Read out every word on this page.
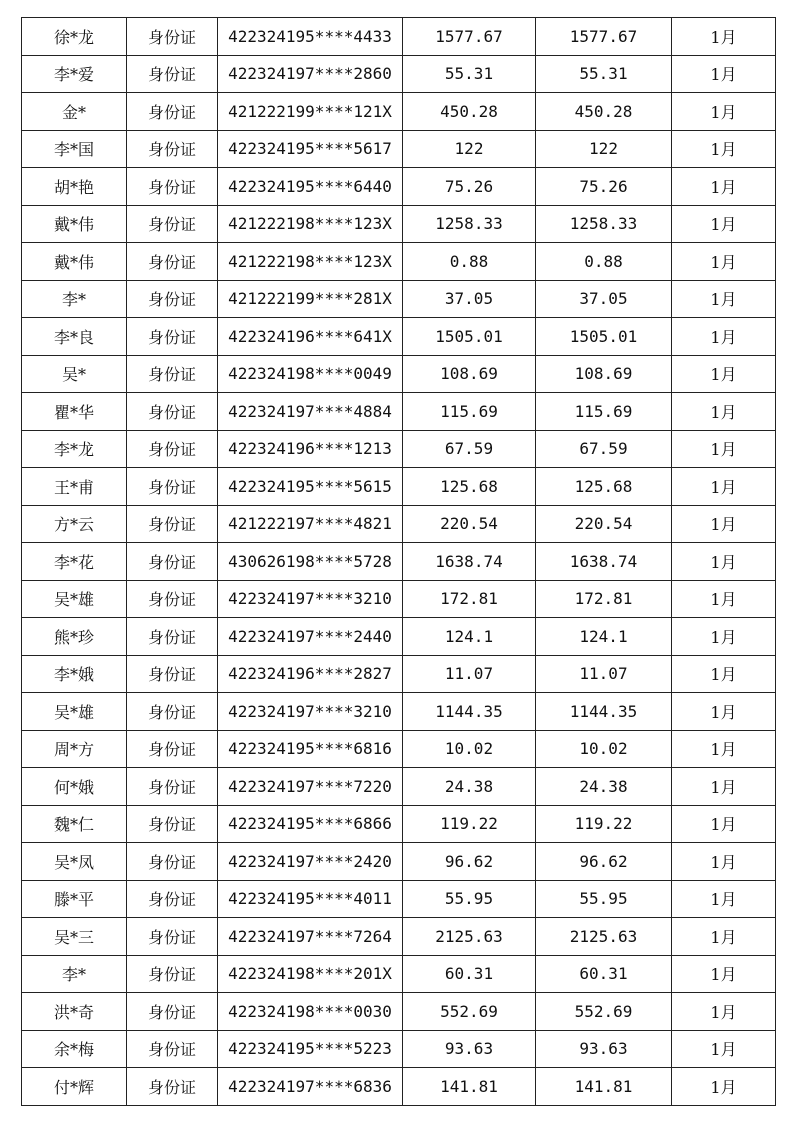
徐*龙	身份证	422324195****4433	1577.67	1577.67	1月
李*爱	身份证	422324197****2860	55.31	55.31	1月
金*	身份证	421222199****121X	450.28	450.28	1月
李*国	身份证	422324195****5617	122	122	1月
胡*艳	身份证	422324195****6440	75.26	75.26	1月
戴*伟	身份证	421222198****123X	1258.33	1258.33	1月
戴*伟	身份证	421222198****123X	0.88	0.88	1月
李*	身份证	421222199****281X	37.05	37.05	1月
李*良	身份证	422324196****641X	1505.01	1505.01	1月
吴*	身份证	422324198****0049	108.69	108.69	1月
瞿*华	身份证	422324197****4884	115.69	115.69	1月
李*龙	身份证	422324196****1213	67.59	67.59	1月
王*甫	身份证	422324195****5615	125.68	125.68	1月
方*云	身份证	421222197****4821	220.54	220.54	1月
李*花	身份证	430626198****5728	1638.74	1638.74	1月
吴*雄	身份证	422324197****3210	172.81	172.81	1月
熊*珍	身份证	422324197****2440	124.1	124.1	1月
李*娥	身份证	422324196****2827	11.07	11.07	1月
吴*雄	身份证	422324197****3210	1144.35	1144.35	1月
周*方	身份证	422324195****6816	10.02	10.02	1月
何*娥	身份证	422324197****7220	24.38	24.38	1月
魏*仁	身份证	422324195****6866	119.22	119.22	1月
吴*凤	身份证	422324197****2420	96.62	96.62	1月
滕*平	身份证	422324195****4011	55.95	55.95	1月
吴*三	身份证	422324197****7264	2125.63	2125.63	1月
李*	身份证	422324198****201X	60.31	60.31	1月
洪*奇	身份证	422324198****0030	552.69	552.69	1月
余*梅	身份证	422324195****5223	93.63	93.63	1月
付*辉	身份证	422324197****6836	141.81	141.81	1月
